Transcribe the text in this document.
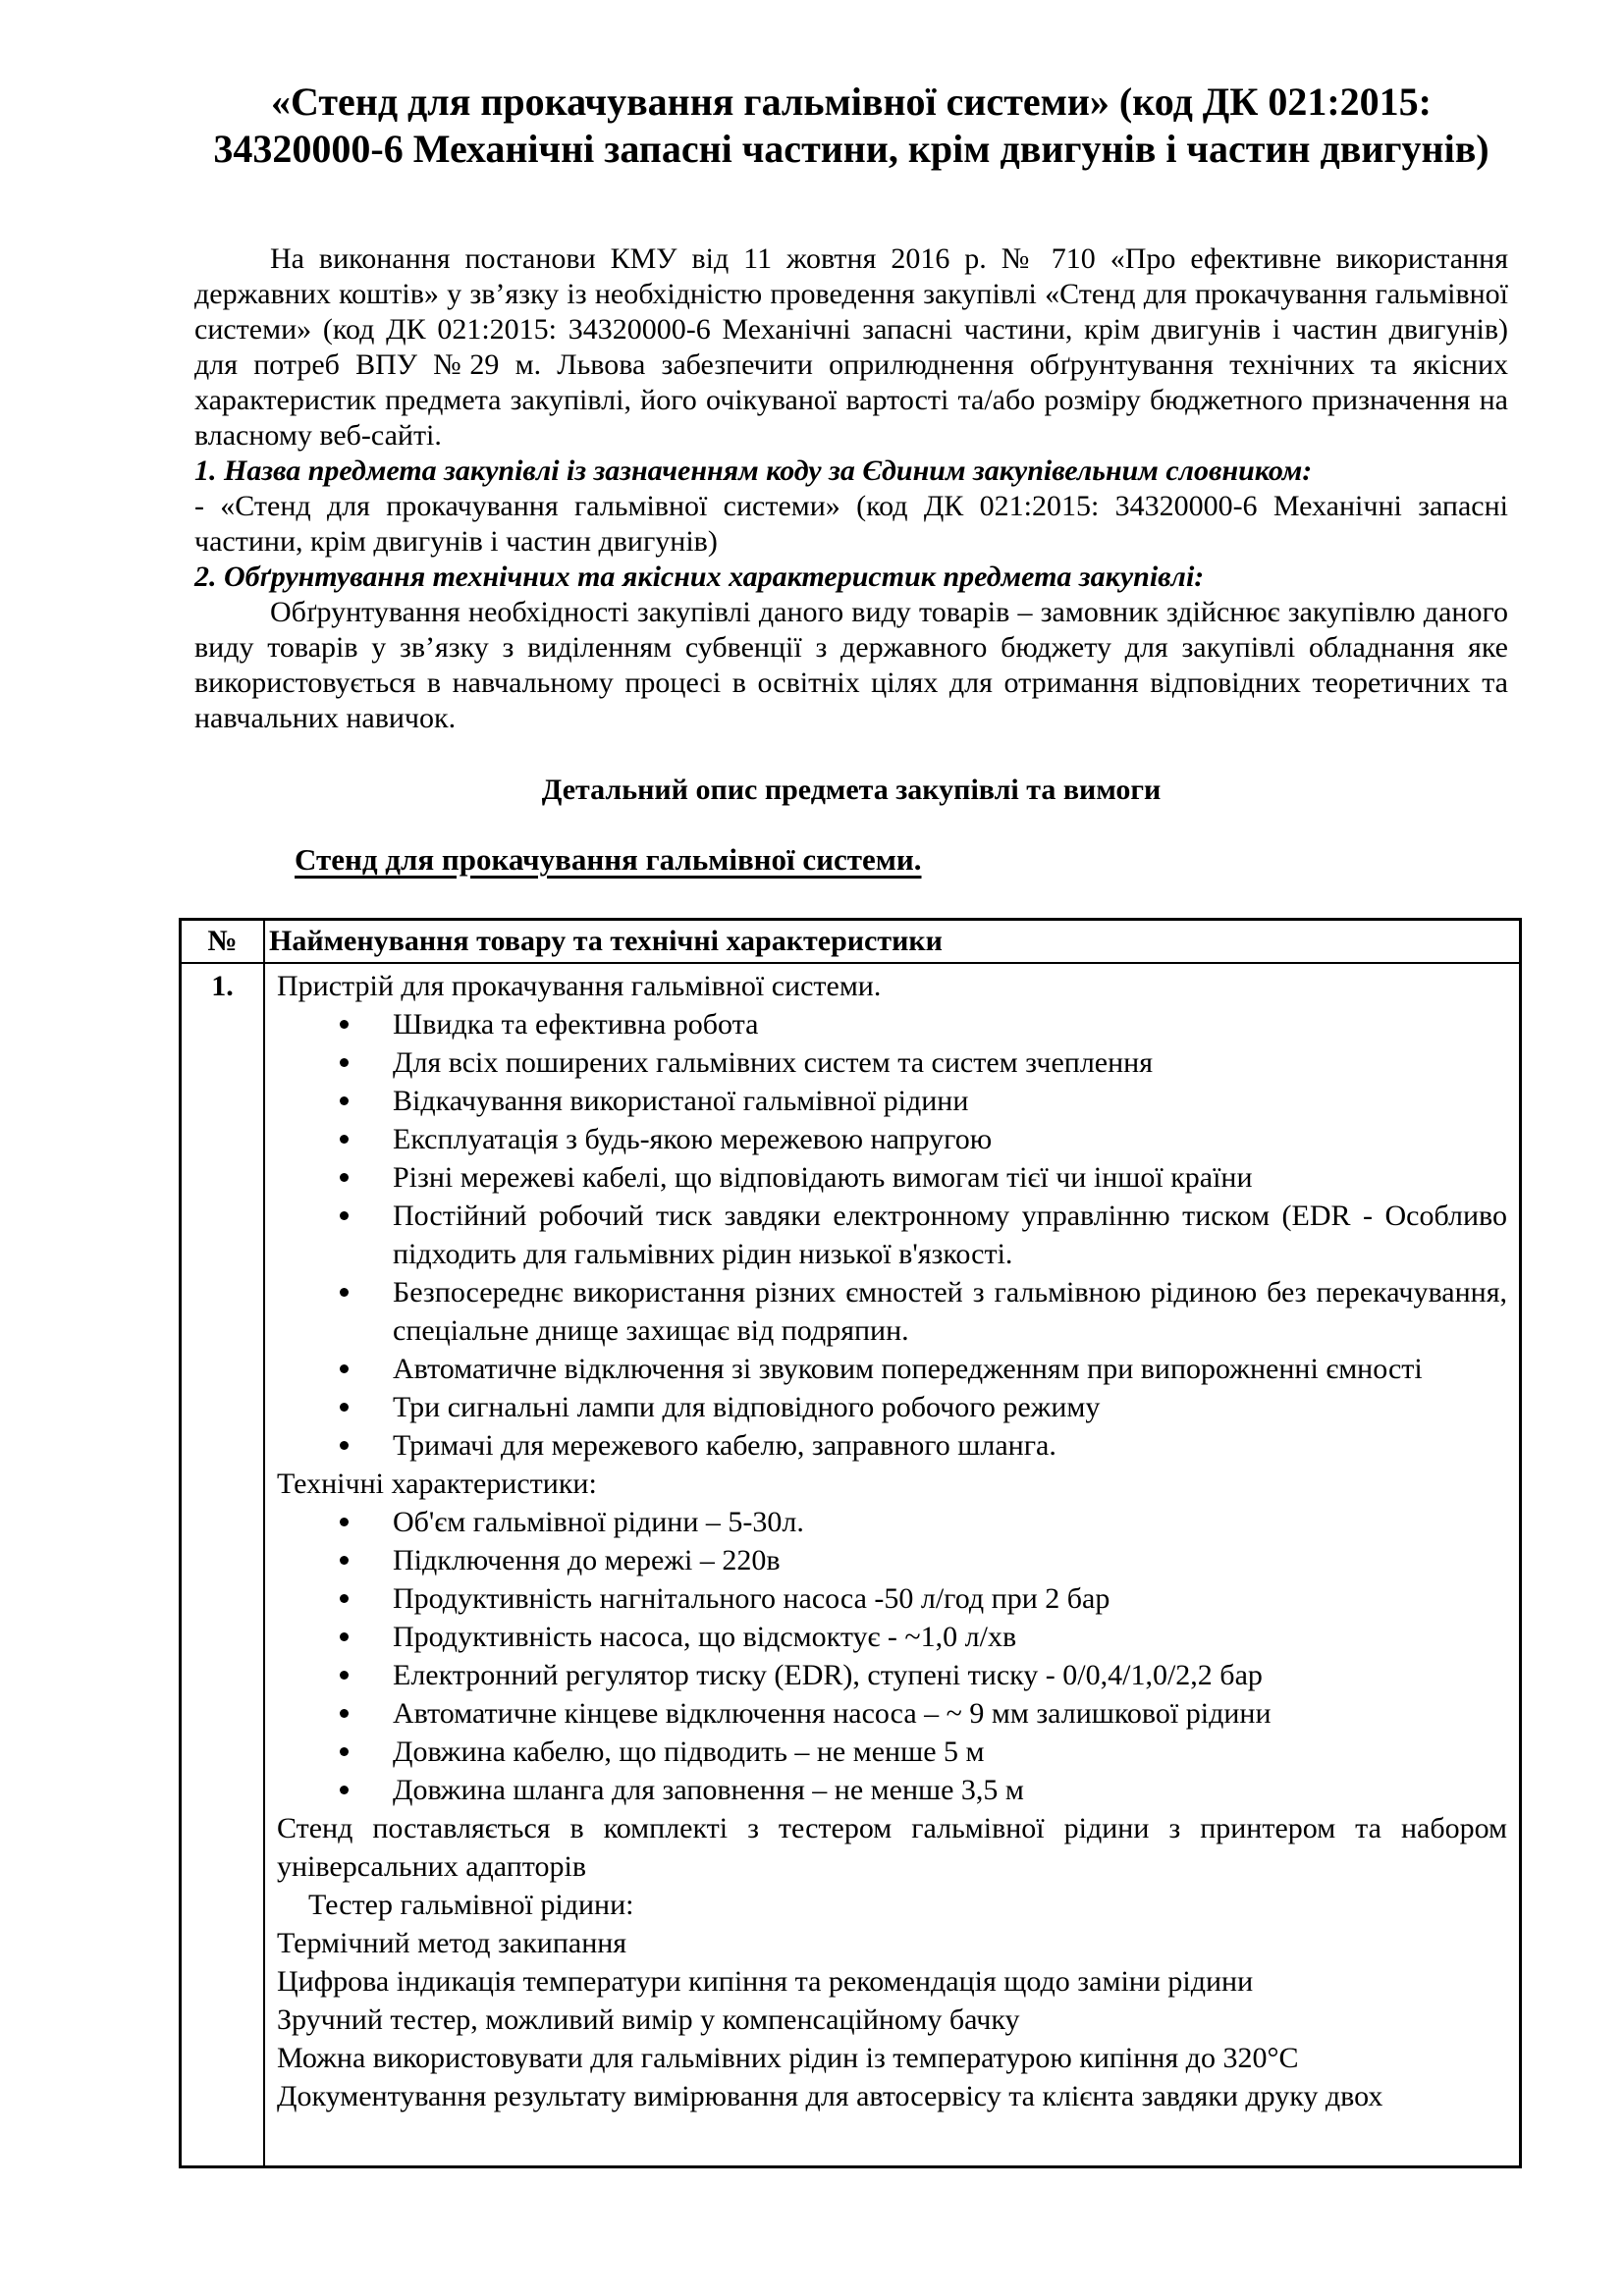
«Стенд для прокачування гальмівної системи» (код ДК 021:2015:
34320000-6 Механічні запасні частини, крім двигунів і частин двигунів)

На виконання постанови КМУ від 11 жовтня 2016 р. № 710 «Про ефективне використання державних коштів» у зв’язку із необхідністю проведення закупівлі «Стенд для прокачування гальмівної системи» (код ДК 021:2015: 34320000-6 Механічні запасні частини, крім двигунів і частин двигунів) для потреб ВПУ №29 м. Львова забезпечити оприлюднення обґрунтування технічних та якісних характеристик предмета закупівлі, його очікуваної вартості та/або розміру бюджетного призначення на власному веб-сайті.

1. Назва предмета закупівлі із зазначенням коду за Єдиним закупівельним словником:

- «Стенд для прокачування гальмівної системи» (код ДК 021:2015: 34320000-6 Механічні запасні частини, крім двигунів і частин двигунів)

2. Обґрунтування технічних та якісних характеристик предмета закупівлі:

Обґрунтування необхідності закупівлі даного виду товарів – замовник здійснює закупівлю даного виду товарів у зв’язку з виділенням субвенції з державного бюджету для закупівлі обладнання яке використовується в навчальному процесі в освітніх цілях для отримання відповідних теоретичних та навчальних навичок.

Детальний опис предмета закупівлі та вимоги

Стенд для прокачування гальмівної системи.

№	Найменування товару та технічні характеристики
1.	Пристрій для прокачування гальмівної системи.

Швидка та ефективна робота
Для всіх поширених гальмівних систем та систем зчеплення
Відкачування використаної гальмівної рідини
Експлуатація з будь-якою мережевою напругою
Різні мережеві кабелі, що відповідають вимогам тієї чи іншої країни
Постійний робочий тиск завдяки електронному управлінню тиском (EDR - Особливо підходить для гальмівних рідин низької в'язкості.
Безпосереднє використання різних ємностей з гальмівною рідиною без перекачування, спеціальне днище захищає від подряпин.
Автоматичне відключення зі звуковим попередженням при випорожненні ємності
Три сигнальні лампи для відповідного робочого режиму
Тримачі для мережевого кабелю, заправного шланга.

Технічні характеристики:

Об'єм гальмівної рідини – 5-30л.
Підключення до мережі – 220в
Продуктивність нагнітального насоса -50 л/год при 2 бар
Продуктивність насоса, що відсмоктує - ~1,0 л/хв
Електронний регулятор тиску (EDR), ступені тиску - 0/0,4/1,0/2,2 бар
Автоматичне кінцеве відключення насоса – ~ 9 мм залишкової рідини
Довжина кабелю, що підводить – не менше 5 м
Довжина шланга для заповнення – не менше 3,5 м

Стенд поставляється в комплекті з тестером гальмівної рідини з принтером та набором універсальних адапторів

Тестер гальмівної рідини:

Термічний метод закипання

Цифрова індикація температури кипіння та рекомендація щодо заміни рідини

Зручний тестер, можливий вимір у компенсаційному бачку

Можна використовувати для гальмівних рідин із температурою кипіння до 320°С

Документування результату вимірювання для автосервісу та клієнта завдяки друку двох
